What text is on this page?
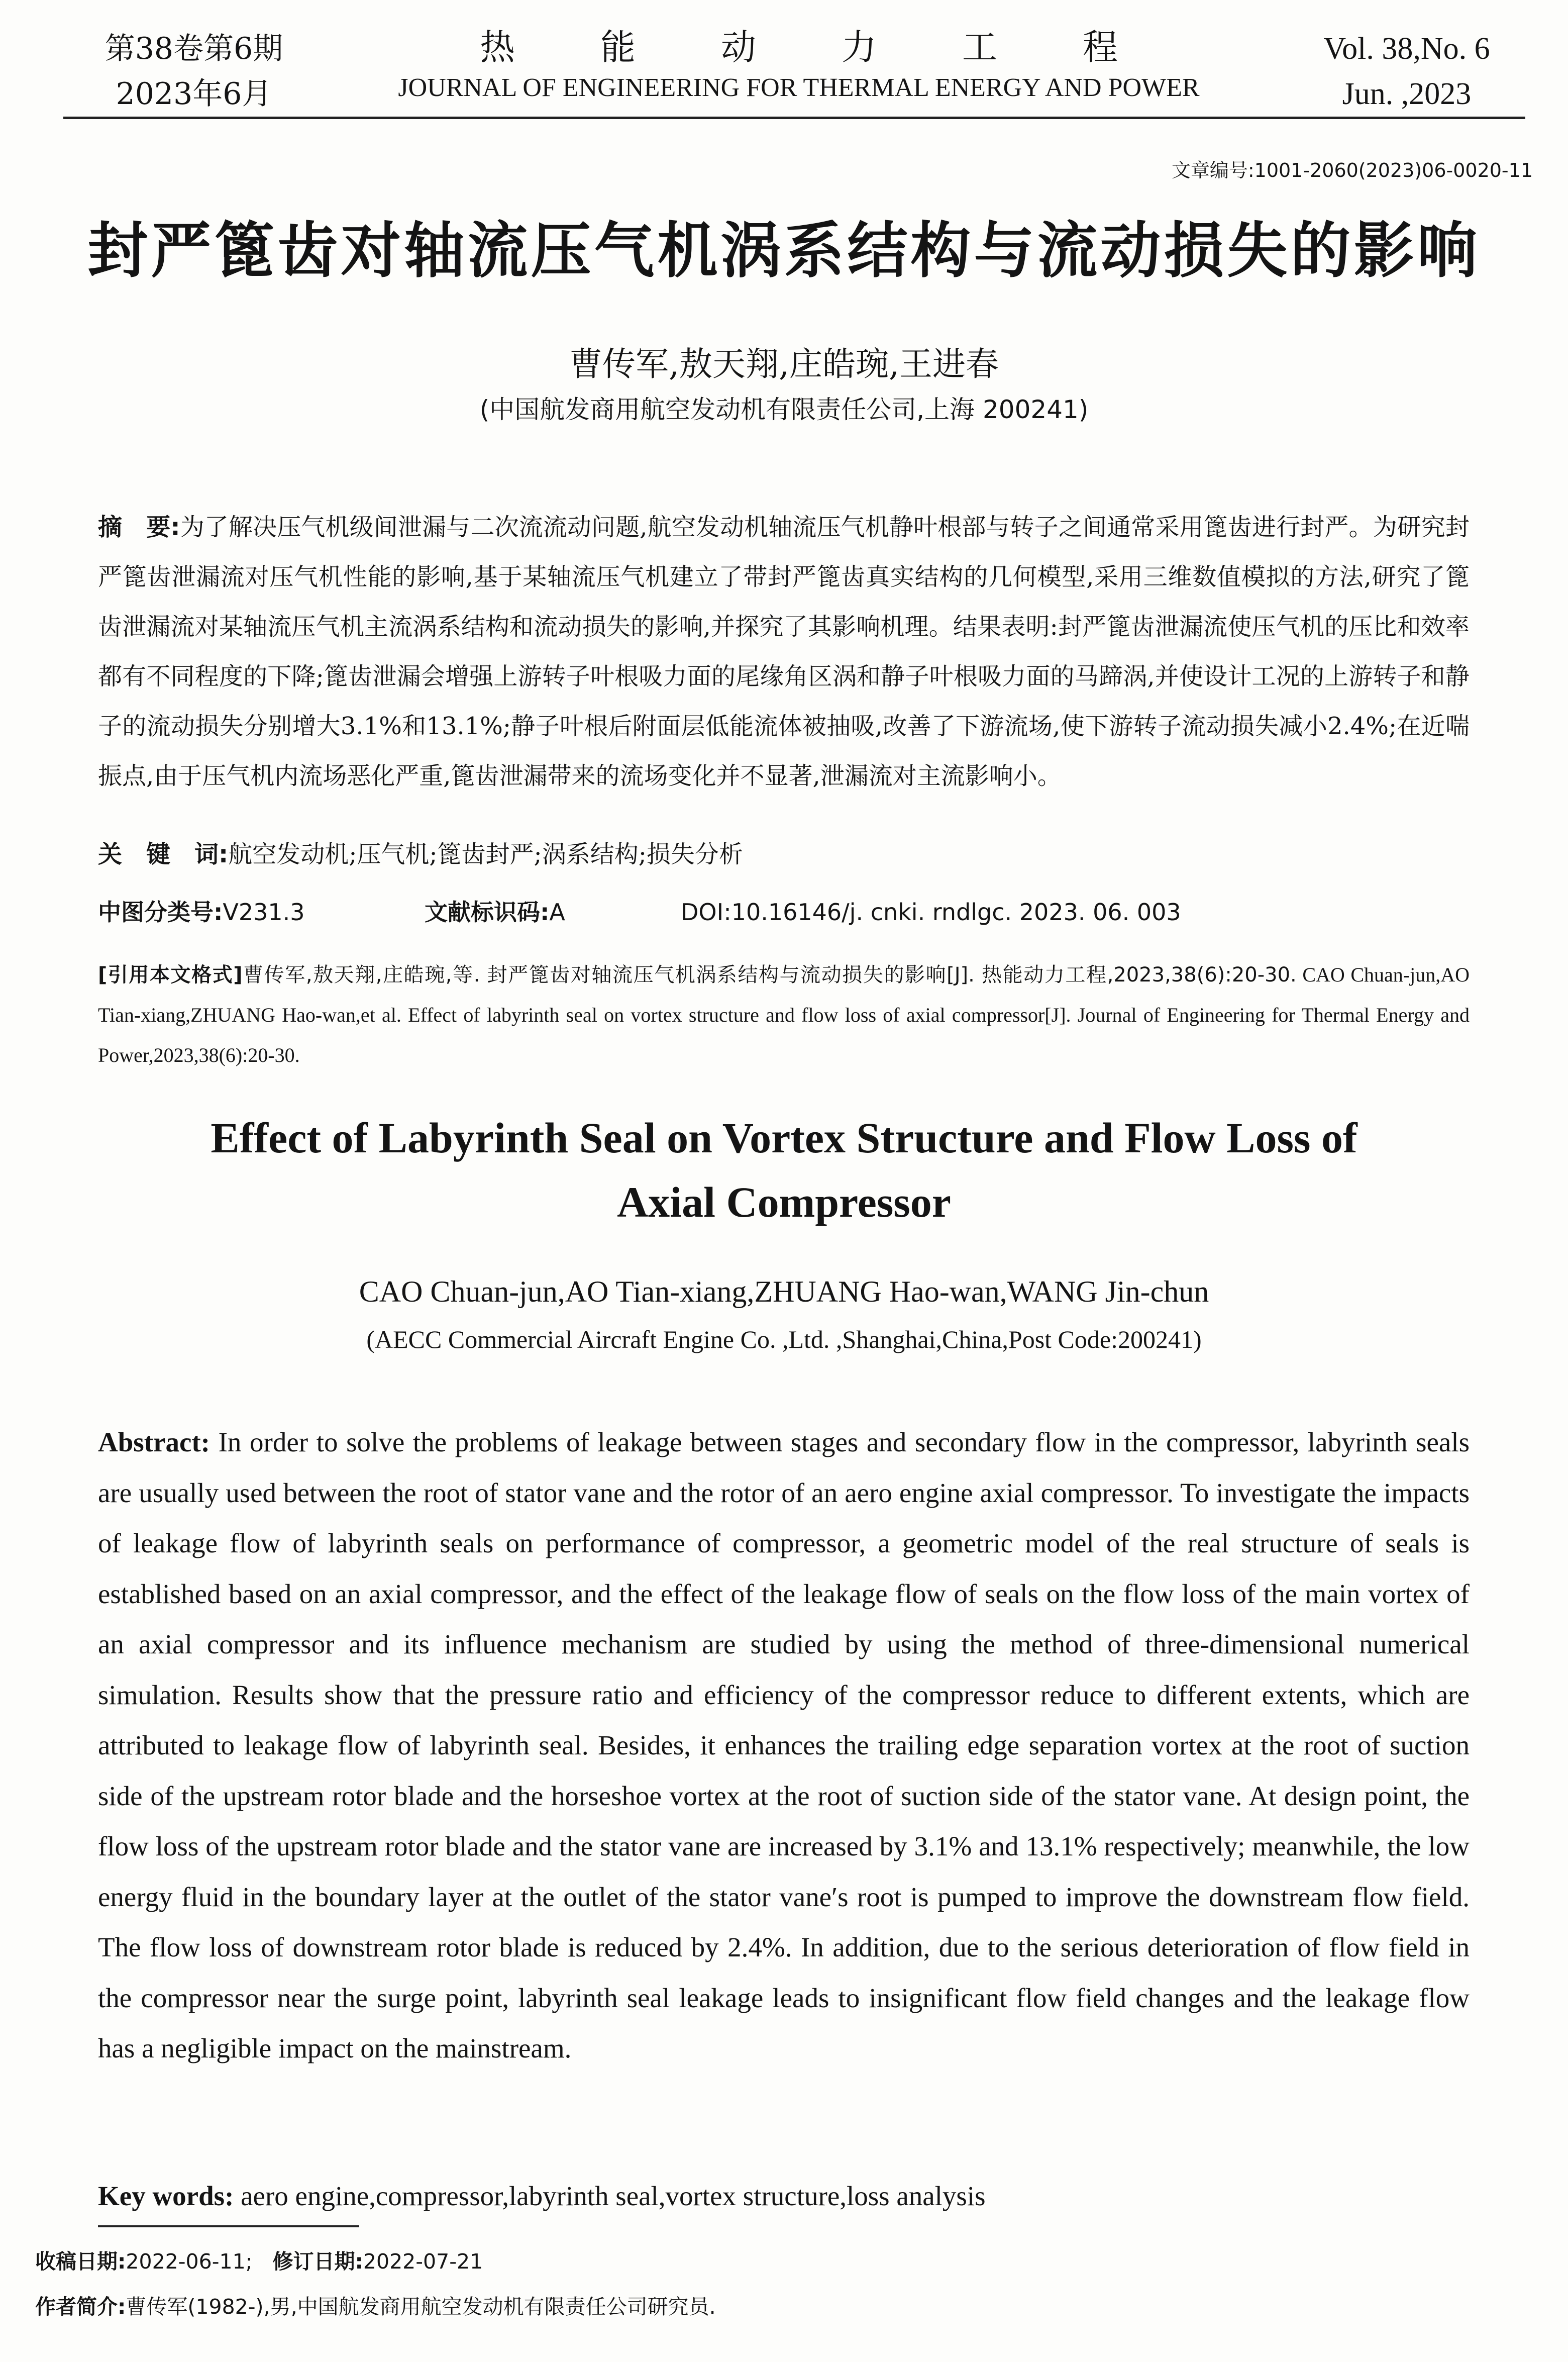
第38卷第6期
2023年6月
热能动力工程
JOURNAL OF ENGINEERING FOR THERMAL ENERGY AND POWER
Vol. 38,No. 6
Jun. ,2023
文章编号:1001-2060(2023)06-0020-11
封严篦齿对轴流压气机涡系结构与流动损失的影响
曹传军,敖天翔,庄皓琬,王进春
(中国航发商用航空发动机有限责任公司,上海 200241)
摘　要:为了解决压气机级间泄漏与二次流流动问题,航空发动机轴流压气机静叶根部与转子之间通常采用篦齿进行封严。为研究封严篦齿泄漏流对压气机性能的影响,基于某轴流压气机建立了带封严篦齿真实结构的几何模型,采用三维数值模拟的方法,研究了篦齿泄漏流对某轴流压气机主流涡系结构和流动损失的影响,并探究了其影响机理。结果表明:封严篦齿泄漏流使压气机的压比和效率都有不同程度的下降;篦齿泄漏会增强上游转子叶根吸力面的尾缘角区涡和静子叶根吸力面的马蹄涡,并使设计工况的上游转子和静子的流动损失分别增大3.1%和13.1%;静子叶根后附面层低能流体被抽吸,改善了下游流场,使下游转子流动损失减小2.4%;在近喘振点,由于压气机内流场恶化严重,篦齿泄漏带来的流场变化并不显著,泄漏流对主流影响小。
关　键　词:航空发动机;压气机;篦齿封严;涡系结构;损失分析
中图分类号:V231.3	文献标识码:A	DOI:10.16146/j. cnki. rndlgc. 2023. 06. 003
[引用本文格式]曹传军,敖天翔,庄皓琬,等. 封严篦齿对轴流压气机涡系结构与流动损失的影响[J]. 热能动力工程,2023,38(6):20-30. CAO Chuan-jun,AO Tian-xiang,ZHUANG Hao-wan,et al. Effect of labyrinth seal on vortex structure and flow loss of axial compressor[J]. Journal of Engineering for Thermal Energy and Power,2023,38(6):20-30.
Effect of Labyrinth Seal on Vortex Structure and Flow Loss of
Axial Compressor
CAO Chuan-jun,AO Tian-xiang,ZHUANG Hao-wan,WANG Jin-chun
(AECC Commercial Aircraft Engine Co. ,Ltd. ,Shanghai,China,Post Code:200241)
Abstract: In order to solve the problems of leakage between stages and secondary flow in the compressor, labyrinth seals are usually used between the root of stator vane and the rotor of an aero engine axial compressor. To investigate the impacts of leakage flow of labyrinth seals on performance of compressor, a geometric model of the real structure of seals is established based on an axial compressor, and the effect of the leakage flow of seals on the flow loss of the main vortex of an axial compressor and its influence mechanism are studied by using the method of three-dimensional numerical simulation. Results show that the pressure ratio and efficiency of the compressor reduce to different extents, which are attributed to leakage flow of labyrinth seal. Besides, it enhances the trailing edge separation vortex at the root of suction side of the upstream rotor blade and the horseshoe vortex at the root of suction side of the stator vane. At design point, the flow loss of the upstream rotor blade and the stator vane are increased by 3.1% and 13.1% respectively; meanwhile, the low energy fluid in the boundary layer at the outlet of the stator vane′s root is pumped to improve the downstream flow field. The flow loss of downstream rotor blade is reduced by 2.4%. In addition, due to the serious deterioration of flow field in the compressor near the surge point, labyrinth seal leakage leads to insignificant flow field changes and the leakage flow has a negligible impact on the mainstream.
Key words: aero engine,compressor,labyrinth seal,vortex structure,loss analysis
收稿日期:2022-06-11; 修订日期:2022-07-21
作者简介:曹传军(1982-),男,中国航发商用航空发动机有限责任公司研究员.
